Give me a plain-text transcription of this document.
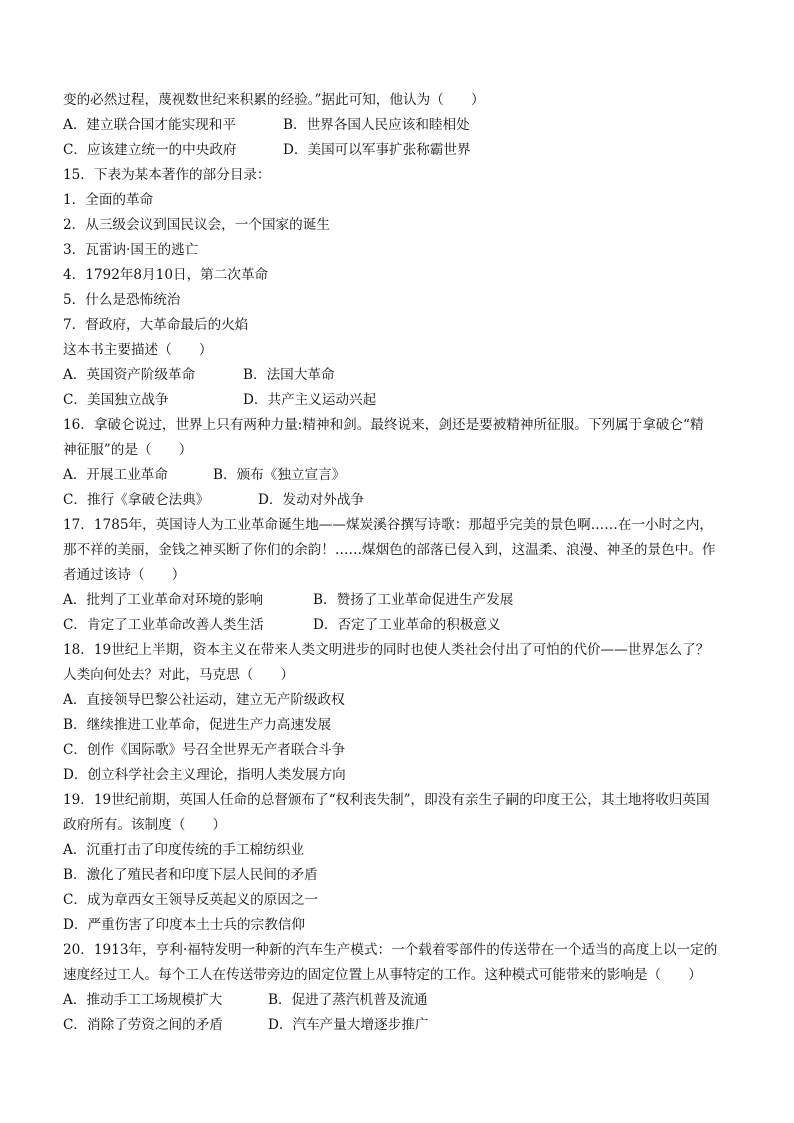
变的必然过程，蔑视数世纪来积累的经验。”据此可知，他认为（　　）
A．建立联合国才能实现和平	B．世界各国人民应该和睦相处
C．应该建立统一的中央政府	D．美国可以军事扩张称霸世界
15．下表为某本著作的部分目录：
1．全面的革命
2．从三级会议到国民议会，一个国家的诞生
3．瓦雷讷·国王的逃亡
4．1792年8月10日，第二次革命
5．什么是恐怖统治
7．督政府，大革命最后的火焰
这本书主要描述（　　）
A．英国资产阶级革命	B．法国大革命
C．美国独立战争	D．共产主义运动兴起
16．拿破仑说过，世界上只有两种力量:精神和剑。最终说来，剑还是要被精神所征服。下列属于拿破仑“精
神征服”的是（　　）
A．开展工业革命	B．颁布《独立宣言》
C．推行《拿破仑法典》	D．发动对外战争
17．1785年，英国诗人为工业革命诞生地——煤炭溪谷撰写诗歌：那超乎完美的景色啊……在一小时之内，
那不祥的美丽，金钱之神买断了你们的余韵！……煤烟色的部落已侵入到，这温柔、浪漫、神圣的景色中。作
者通过该诗（　　）
A．批判了工业革命对环境的影响	B．赞扬了工业革命促进生产发展
C．肯定了工业革命改善人类生活	D．否定了工业革命的积极意义
18．19世纪上半期，资本主义在带来人类文明进步的同时也使人类社会付出了可怕的代价——世界怎么了？
人类向何处去？对此，马克思（　　）
A．直接领导巴黎公社运动，建立无产阶级政权
B．继续推进工业革命，促进生产力高速发展
C．创作《国际歌》号召全世界无产者联合斗争
D．创立科学社会主义理论，指明人类发展方向
19．19世纪前期，英国人任命的总督颁布了“权利丧失制”，即没有亲生子嗣的印度王公，其土地将收归英国
政府所有。该制度（　　）
A．沉重打击了印度传统的手工棉纺织业
B．激化了殖民者和印度下层人民间的矛盾
C．成为章西女王领导反英起义的原因之一
D．严重伤害了印度本土士兵的宗教信仰
20．1913年，亨利·福特发明一种新的汽车生产模式：一个载着零部件的传送带在一个适当的高度上以一定的
速度经过工人。每个工人在传送带旁边的固定位置上从事特定的工作。这种模式可能带来的影响是（　　）
A．推动手工工场规模扩大	B．促进了蒸汽机普及流通
C．消除了劳资之间的矛盾	D．汽车产量大增逐步推广
